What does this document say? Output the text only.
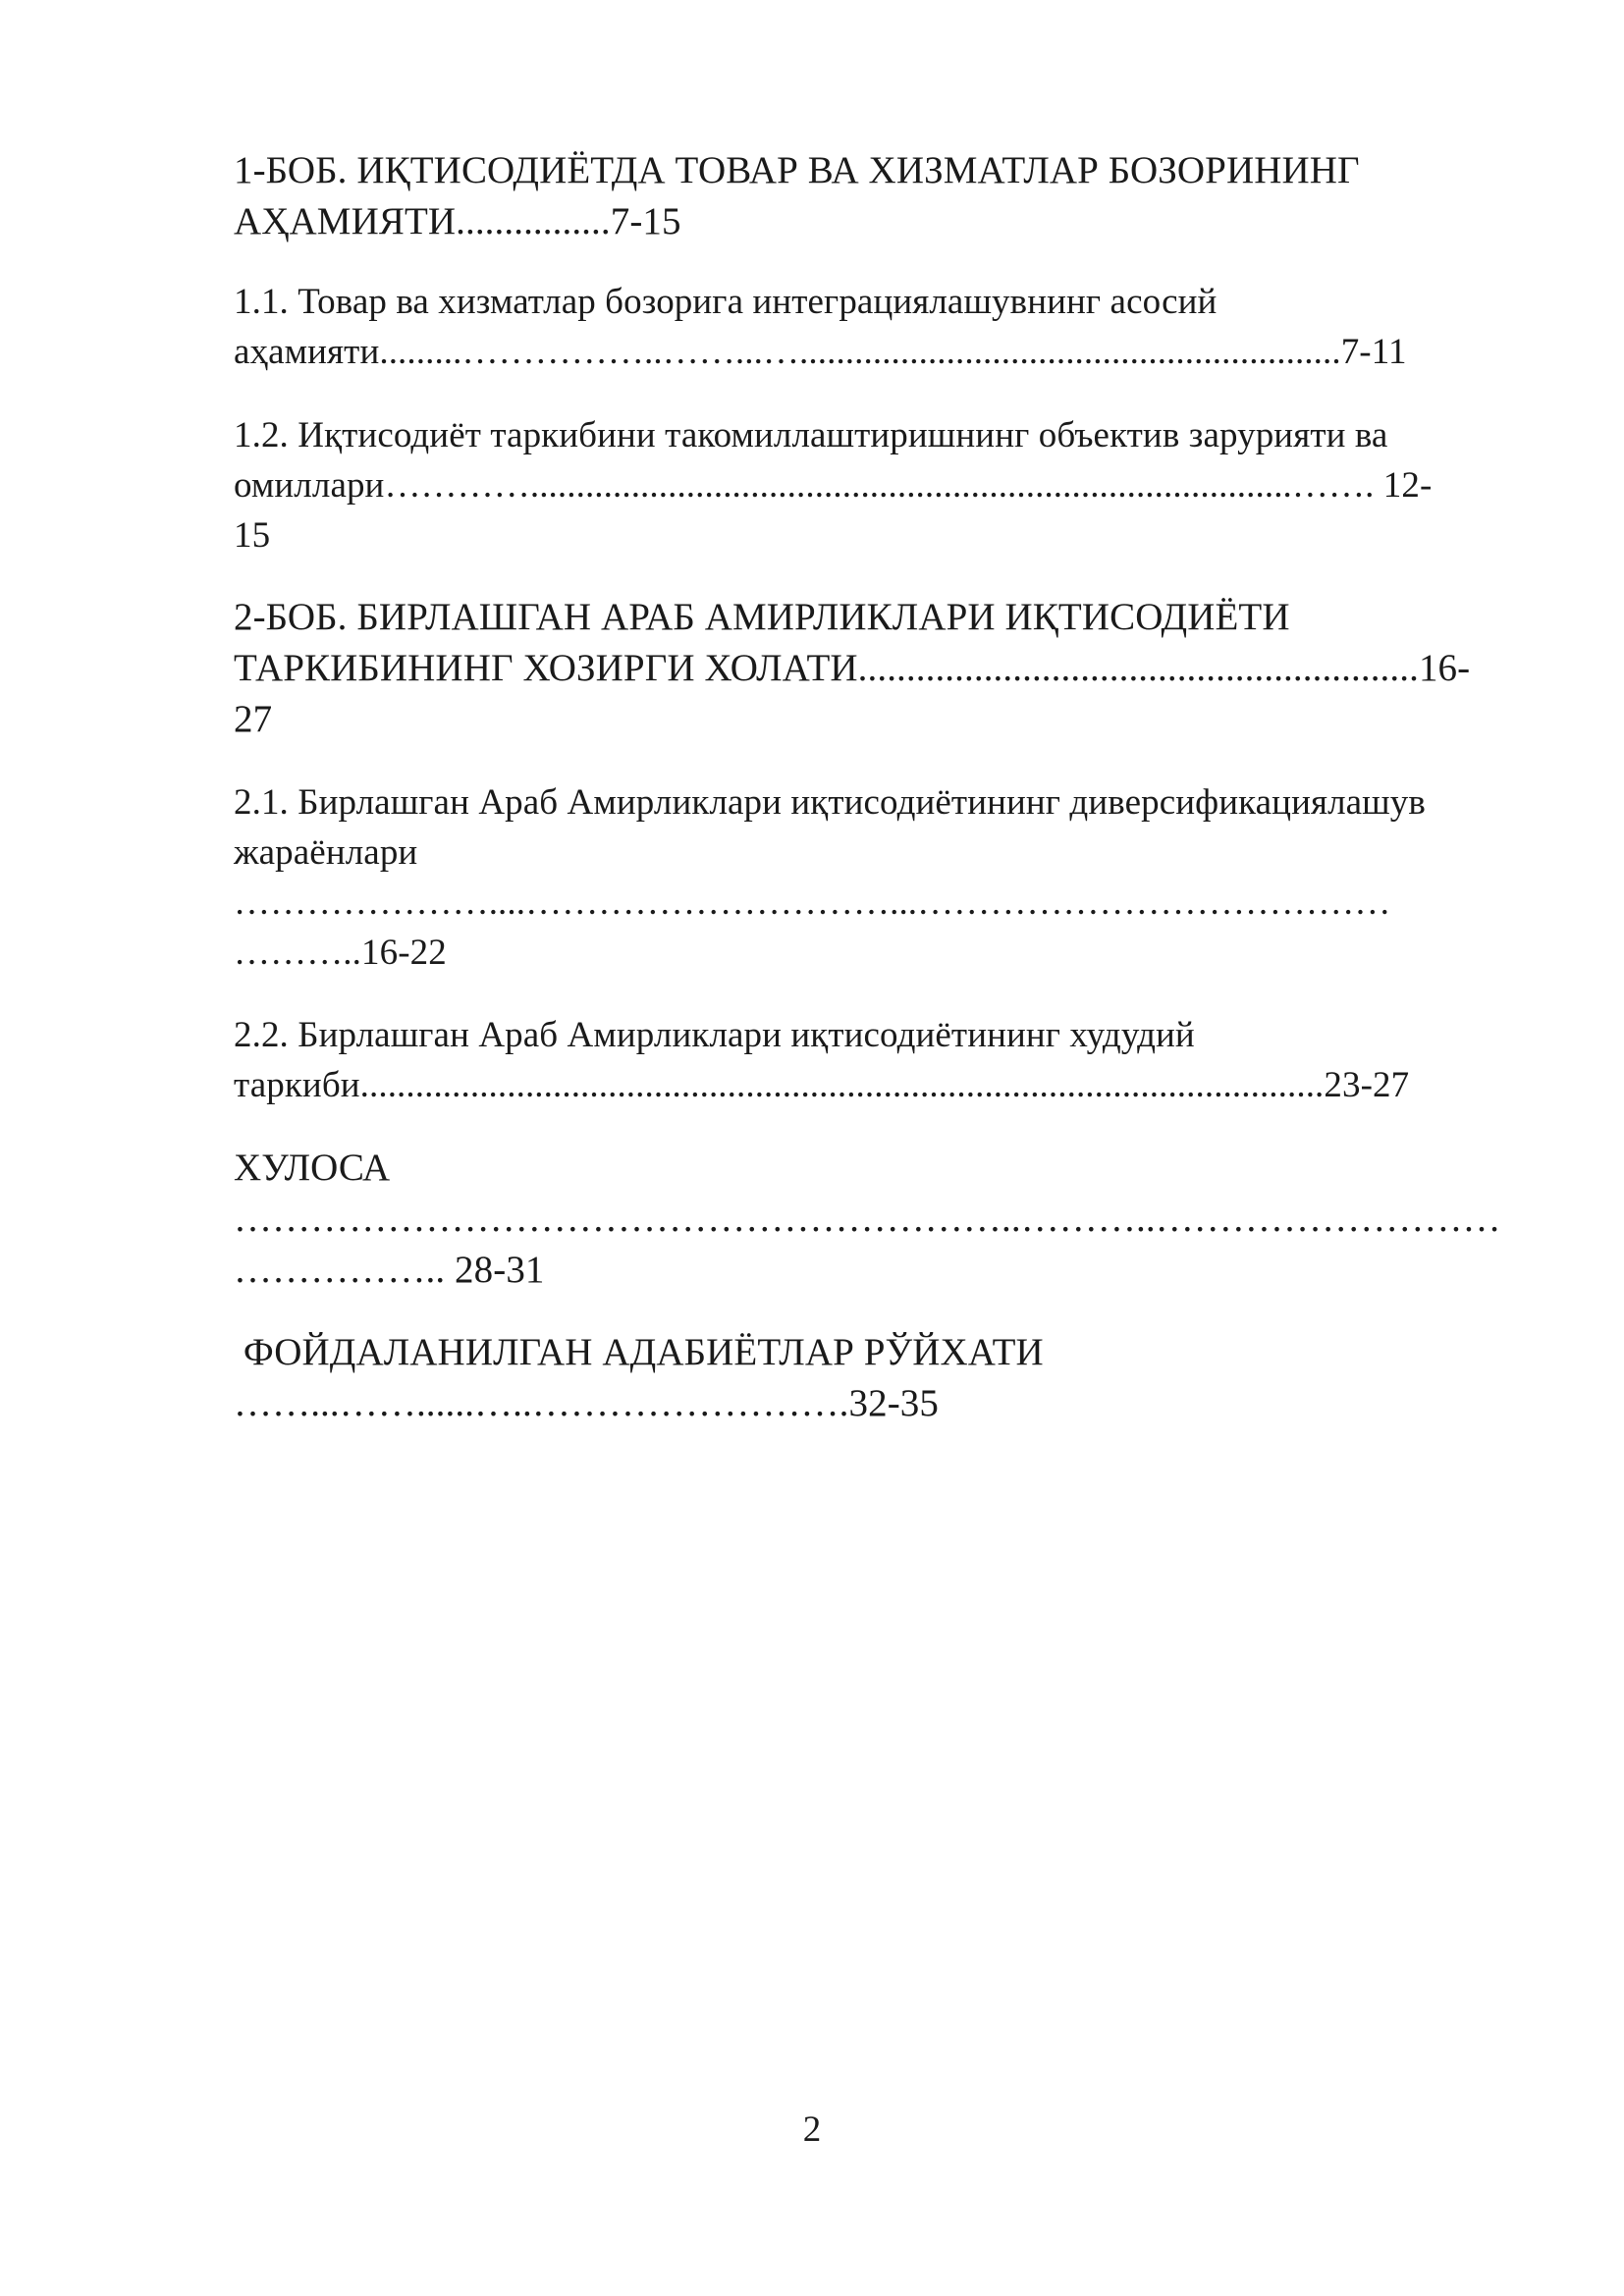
1-БОБ. ИҚТИСОДИЁТДА ТОВАР ВА ХИЗМАТЛАР БОЗОРИНИНГ
АҲАМИЯТИ................7-15
1.1. Товар ва хизматлар бозорига интеграциялашувнинг асосий
аҳамияти.........……………..……...…...........................................................7-11
1.2. Иқтисодиёт таркибини такомиллаштиришнинг объектив зарурияти ва
омиллари…………...................................................................................……. 12-
15
2-БОБ. БИРЛАШГАН АРАБ АМИРЛИКЛАРИ ИҚТИСОДИЁТИ
ТАРКИБИНИНГ ХОЗИРГИ ХОЛАТИ..........................................................16-
27
2.1. Бирлашган Араб Амирликлари иқтисодиётининг диверсификациялашув
жараёнлари
…………………....…………………………...…………………………………
………..16-22
2.2. Бирлашган Араб Амирликлари иқтисодиётининг худудий
таркиби.........................................................................................................23-27
ХУЛОСА
……………………………………………………..………..………………………
…………….. 28-31
ФОЙДАЛАНИЛГАН АДАБИЁТЛАР РЎЙХАТИ
……...……......…..…………………….32-35
2
